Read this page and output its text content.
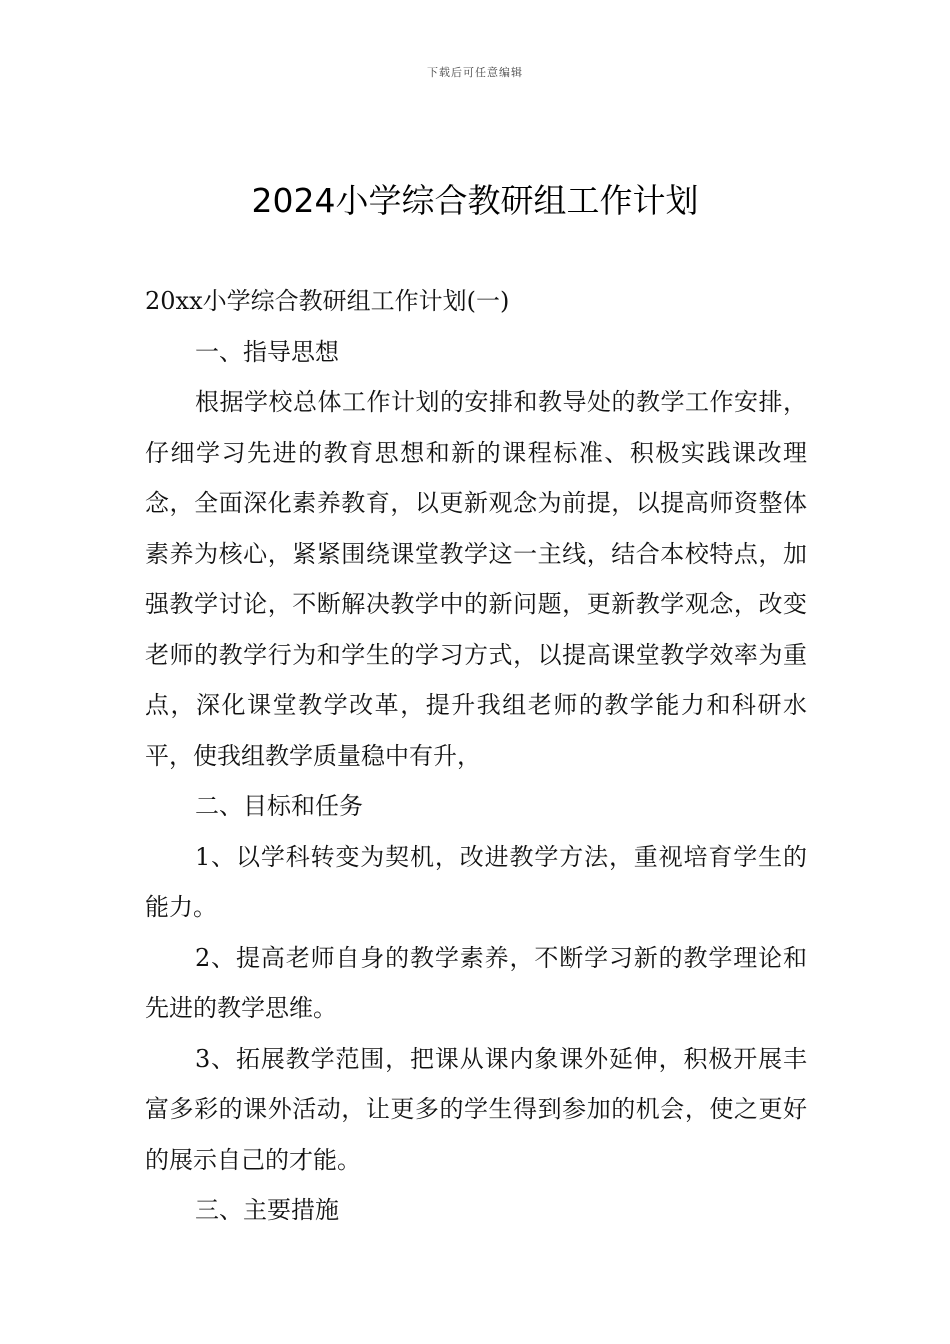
下载后可任意编辑
2024小学综合教研组工作计划

20xx小学综合教研组工作计划(一)

一、指导思想

根据学校总体工作计划的安排和教导处的教学工作安排，仔细学习先进的教育思想和新的课程标准、积极实践课改理念，全面深化素养教育，以更新观念为前提，以提高师资整体素养为核心，紧紧围绕课堂教学这一主线，结合本校特点，加强教学讨论，不断解决教学中的新问题，更新教学观念，改变老师的教学行为和学生的学习方式，以提高课堂教学效率为重点，深化课堂教学改革，提升我组老师的教学能力和科研水平，使我组教学质量稳中有升，

二、目标和任务

1、以学科转变为契机，改进教学方法，重视培育学生的能力。

2、提高老师自身的教学素养，不断学习新的教学理论和先进的教学思维。

3、拓展教学范围，把课从课内象课外延伸，积极开展丰富多彩的课外活动，让更多的学生得到参加的机会，使之更好的展示自己的才能。

三、主要措施
